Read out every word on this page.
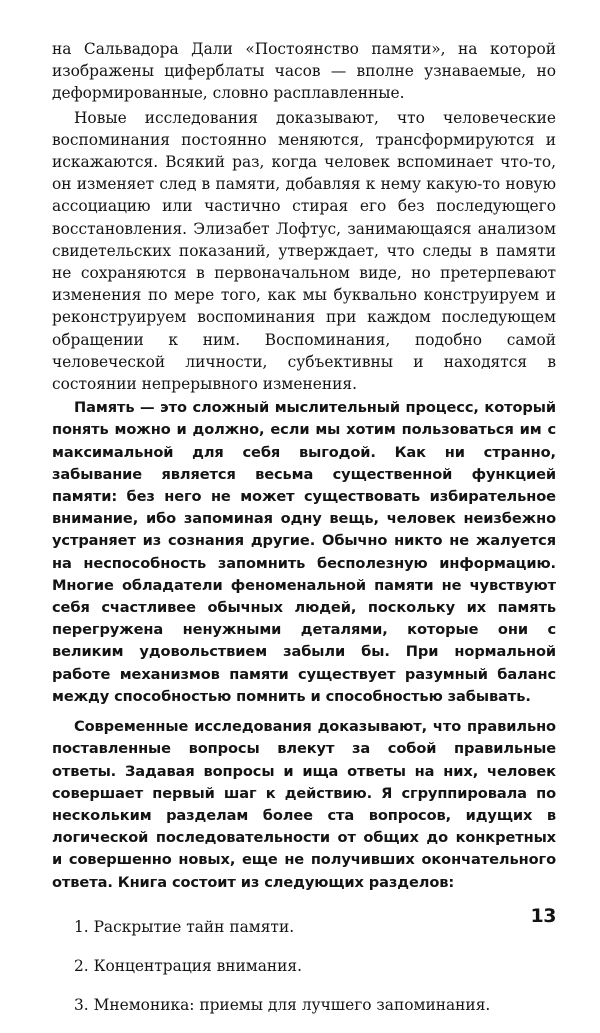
на Сальвадора Дали «Постоянство памяти», на которой изображены циферблаты часов — вполне узнаваемые, но деформированные, словно расплавленные.

Новые исследования доказывают, что человеческие воспоминания постоянно меняются, трансформируются и искажаются. Всякий раз, когда человек вспоминает что-то, он изменяет след в памяти, добавляя к нему какую-то новую ассоциацию или частично стирая его без последующего восстановления. Элизабет Лофтус, занимающаяся анализом свидетельских показаний, утверждает, что следы в памяти не сохраняются в первоначальном виде, но претерпевают изменения по мере того, как мы буквально конструируем и реконструируем воспоминания при каждом последующем обращении к ним. Воспоминания, подобно самой человеческой личности, субъективны и находятся в состоянии непрерывного изменения.

Память — это сложный мыслительный процесс, который понять можно и должно, если мы хотим пользоваться им с максимальной для себя выгодой. Как ни странно, забывание является весьма существенной функцией памяти: без него не может существовать избирательное внимание, ибо запоминая одну вещь, человек неизбежно устраняет из сознания другие. Обычно никто не жалуется на неспособность запомнить бесполезную информацию. Многие обладатели феноменальной памяти не чувствуют себя счастливее обычных людей, поскольку их память перегружена ненужными деталями, которые они с великим удовольствием забыли бы. При нормальной работе механизмов памяти существует разумный баланс между способностью помнить и способностью забывать.

Современные исследования доказывают, что правильно поставленные вопросы влекут за собой правильные ответы. Задавая вопросы и ища ответы на них, человек совершает первый шаг к действию. Я сгруппировала по нескольким разделам более ста вопросов, идущих в логической последовательности от общих до конкретных и совершенно новых, еще не получивших окончательного ответа. Книга состоит из следующих разделов:

1. Раскрытие тайн памяти.
2. Концентрация внимания.
3. Мнемоника: приемы для лучшего запоминания.
13
